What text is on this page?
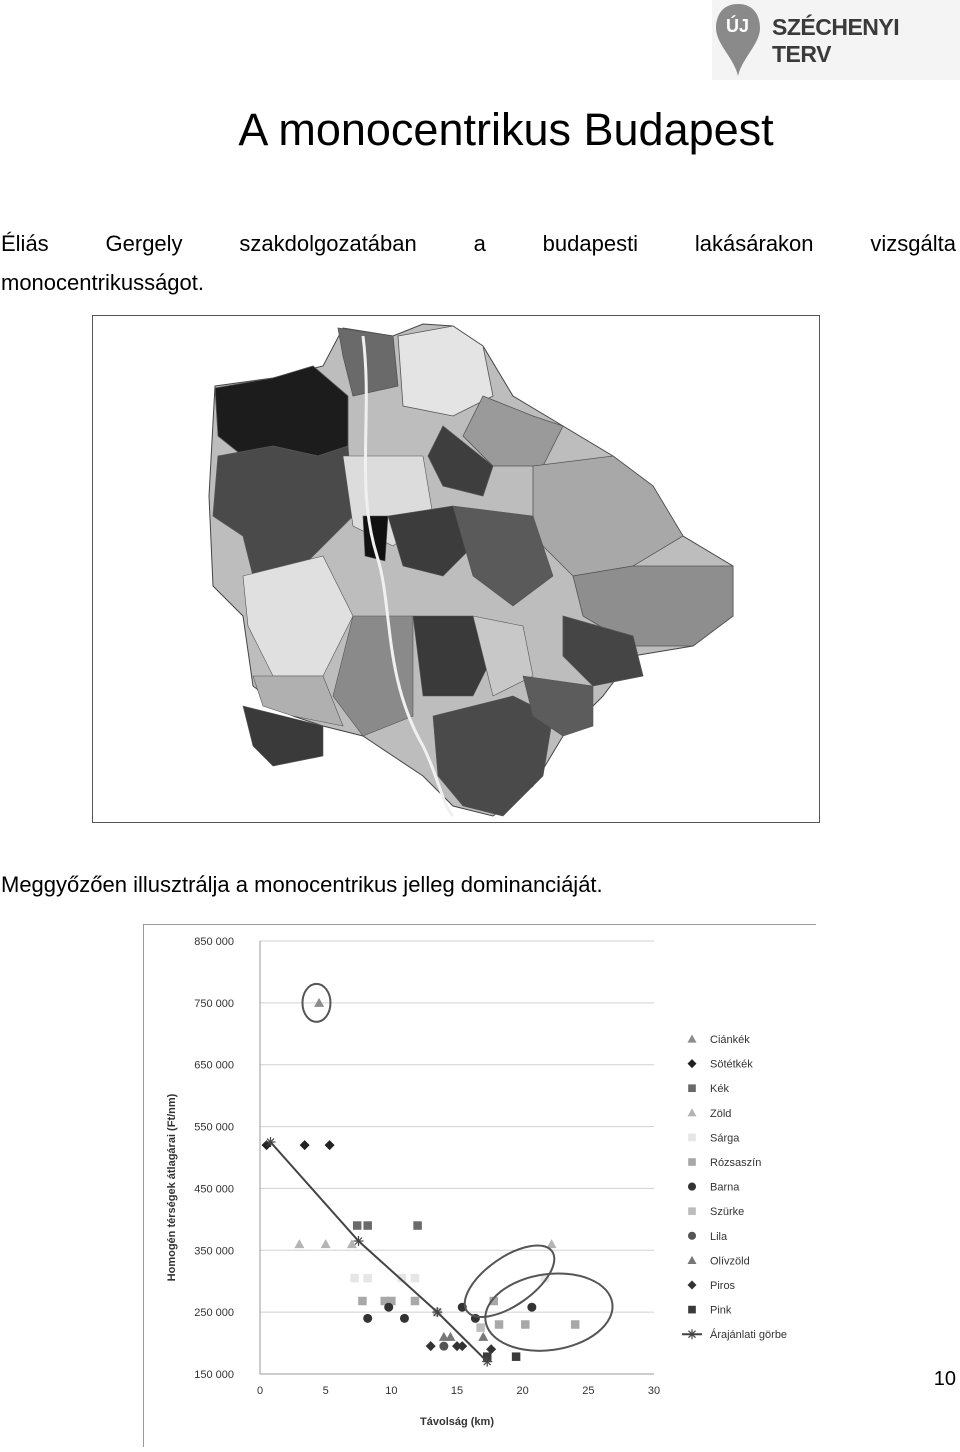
ÚJ SZÉCHENYI TERV
A monocentrikus Budapest
Éliás	Gergely	szakdolgozatában	a	budapesti	lakásárakon	vizsgálta
monocentrikusságot.
Meggyőzően illusztrálja a monocentrikus jelleg dominanciáját.
150 000
250 000
350 000
450 000
550 000
650 000
750 000
850 000
0	5	10	15	20	25	30
Távolság (km)
Homogén térségek átlagárai (Ft/nm)
Ciánkék
Sötétkék
Kék
Zöld
Sárga
Rózsaszín
Barna
Szürke
Lila
Olívzöld
Piros
Pink
Árajánlati görbe
10
